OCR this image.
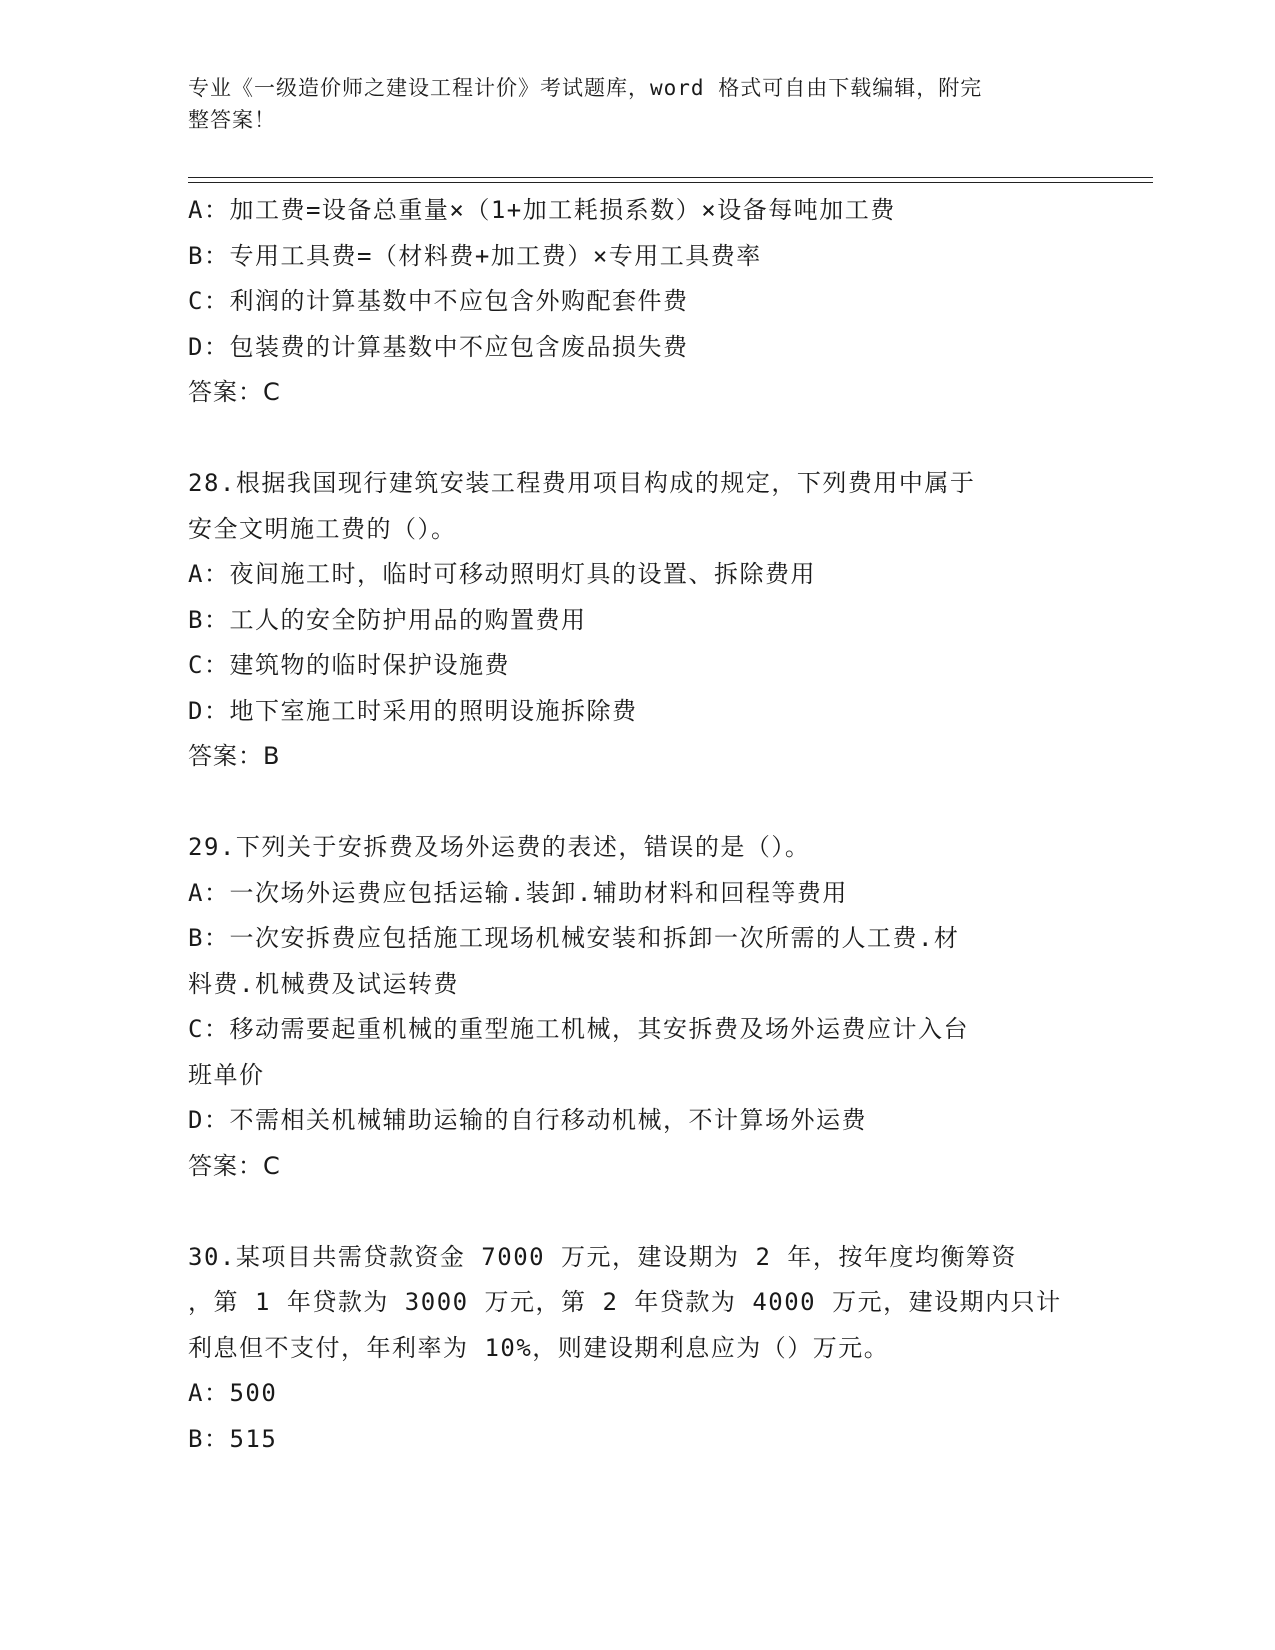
专业《一级造价师之建设工程计价》考试题库，word 格式可自由下载编辑，附完
整答案！
A：加工费=设备总重量×（1+加工耗损系数）×设备每吨加工费
B：专用工具费=（材料费+加工费）×专用工具费率
C：利润的计算基数中不应包含外购配套件费
D：包装费的计算基数中不应包含废品损失费
答案：C
28.根据我国现行建筑安装工程费用项目构成的规定，下列费用中属于
安全文明施工费的（）。
A：夜间施工时，临时可移动照明灯具的设置、拆除费用
B：工人的安全防护用品的购置费用
C：建筑物的临时保护设施费
D：地下室施工时采用的照明设施拆除费
答案：B
29.下列关于安拆费及场外运费的表述，错误的是（）。
A：一次场外运费应包括运输.装卸.辅助材料和回程等费用
B：一次安拆费应包括施工现场机械安装和拆卸一次所需的人工费.材
料费.机械费及试运转费
C：移动需要起重机械的重型施工机械，其安拆费及场外运费应计入台
班单价
D：不需相关机械辅助运输的自行移动机械，不计算场外运费
答案：C
30.某项目共需贷款资金 7000 万元，建设期为 2 年，按年度均衡筹资
，第 1 年贷款为 3000 万元，第 2 年贷款为 4000 万元，建设期内只计
利息但不支付，年利率为 10%，则建设期利息应为（）万元。
A：500
B：515
